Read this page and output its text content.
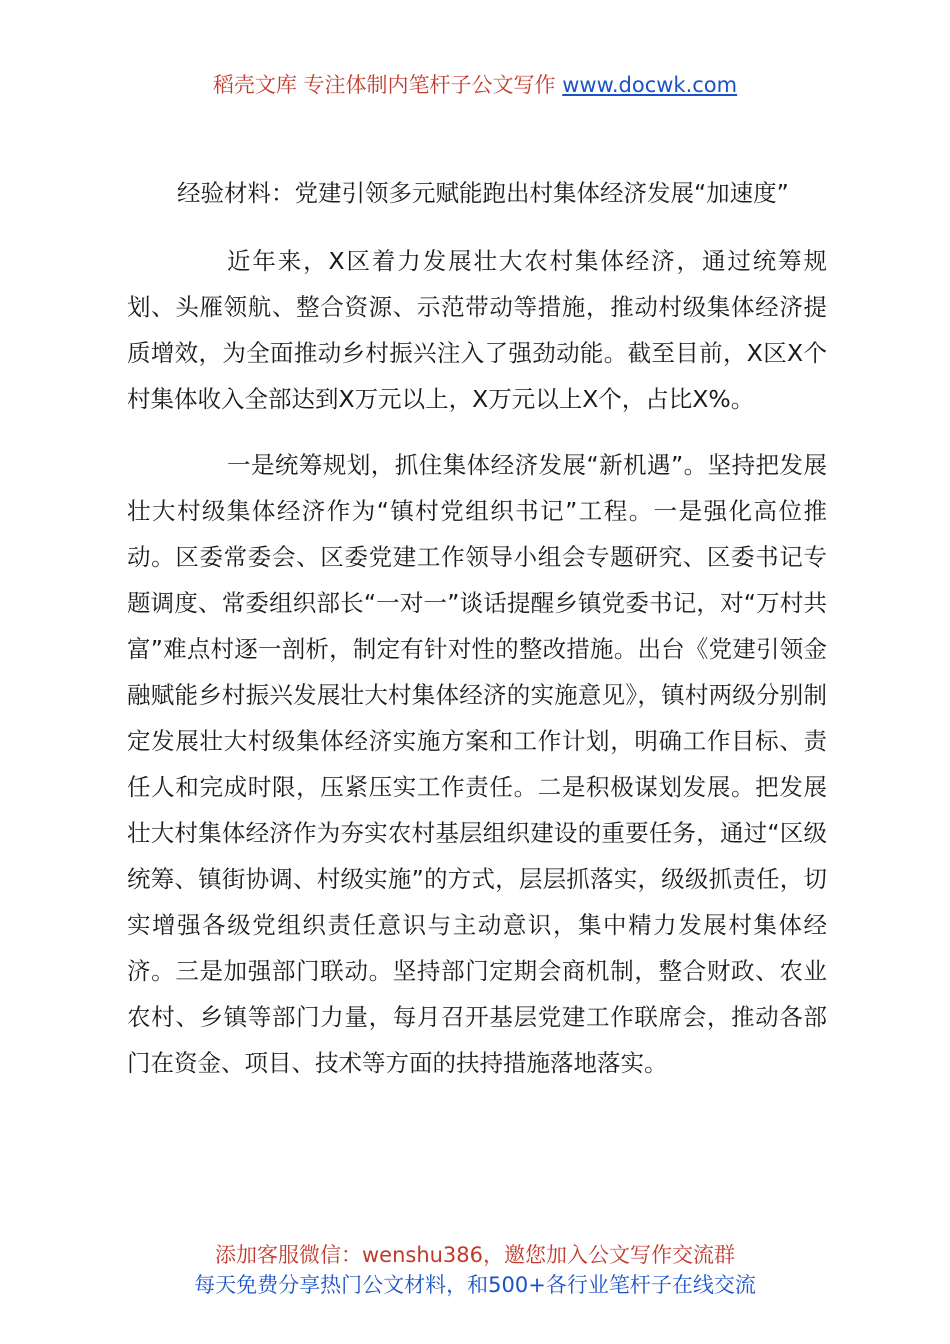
稻壳文库 专注体制内笔杆子公文写作 www.docwk.com

经验材料：党建引领多元赋能跑出村集体经济发展“加速度”

近年来，X区着力发展壮大农村集体经济，通过统筹规划、头雁领航、整合资源、示范带动等措施，推动村级集体经济提质增效，为全面推动乡村振兴注入了强劲动能。截至目前，X区X个村集体收入全部达到X万元以上，X万元以上X个，占比X%。

一是统筹规划，抓住集体经济发展“新机遇”。坚持把发展壮大村级集体经济作为“镇村党组织书记”工程。一是强化高位推动。区委常委会、区委党建工作领导小组会专题研究、区委书记专题调度、常委组织部长“一对一”谈话提醒乡镇党委书记，对“万村共富”难点村逐一剖析，制定有针对性的整改措施。出台《党建引领金融赋能乡村振兴发展壮大村集体经济的实施意见》，镇村两级分别制定发展壮大村级集体经济实施方案和工作计划，明确工作目标、责任人和完成时限，压紧压实工作责任。二是积极谋划发展。把发展壮大村集体经济作为夯实农村基层组织建设的重要任务，通过“区级统筹、镇街协调、村级实施”的方式，层层抓落实，级级抓责任，切实增强各级党组织责任意识与主动意识，集中精力发展村集体经济。三是加强部门联动。坚持部门定期会商机制，整合财政、农业农村、乡镇等部门力量，每月召开基层党建工作联席会，推动各部门在资金、项目、技术等方面的扶持措施落地落实。

添加客服微信：wenshu386，邀您加入公文写作交流群
每天免费分享热门公文材料，和500+各行业笔杆子在线交流
